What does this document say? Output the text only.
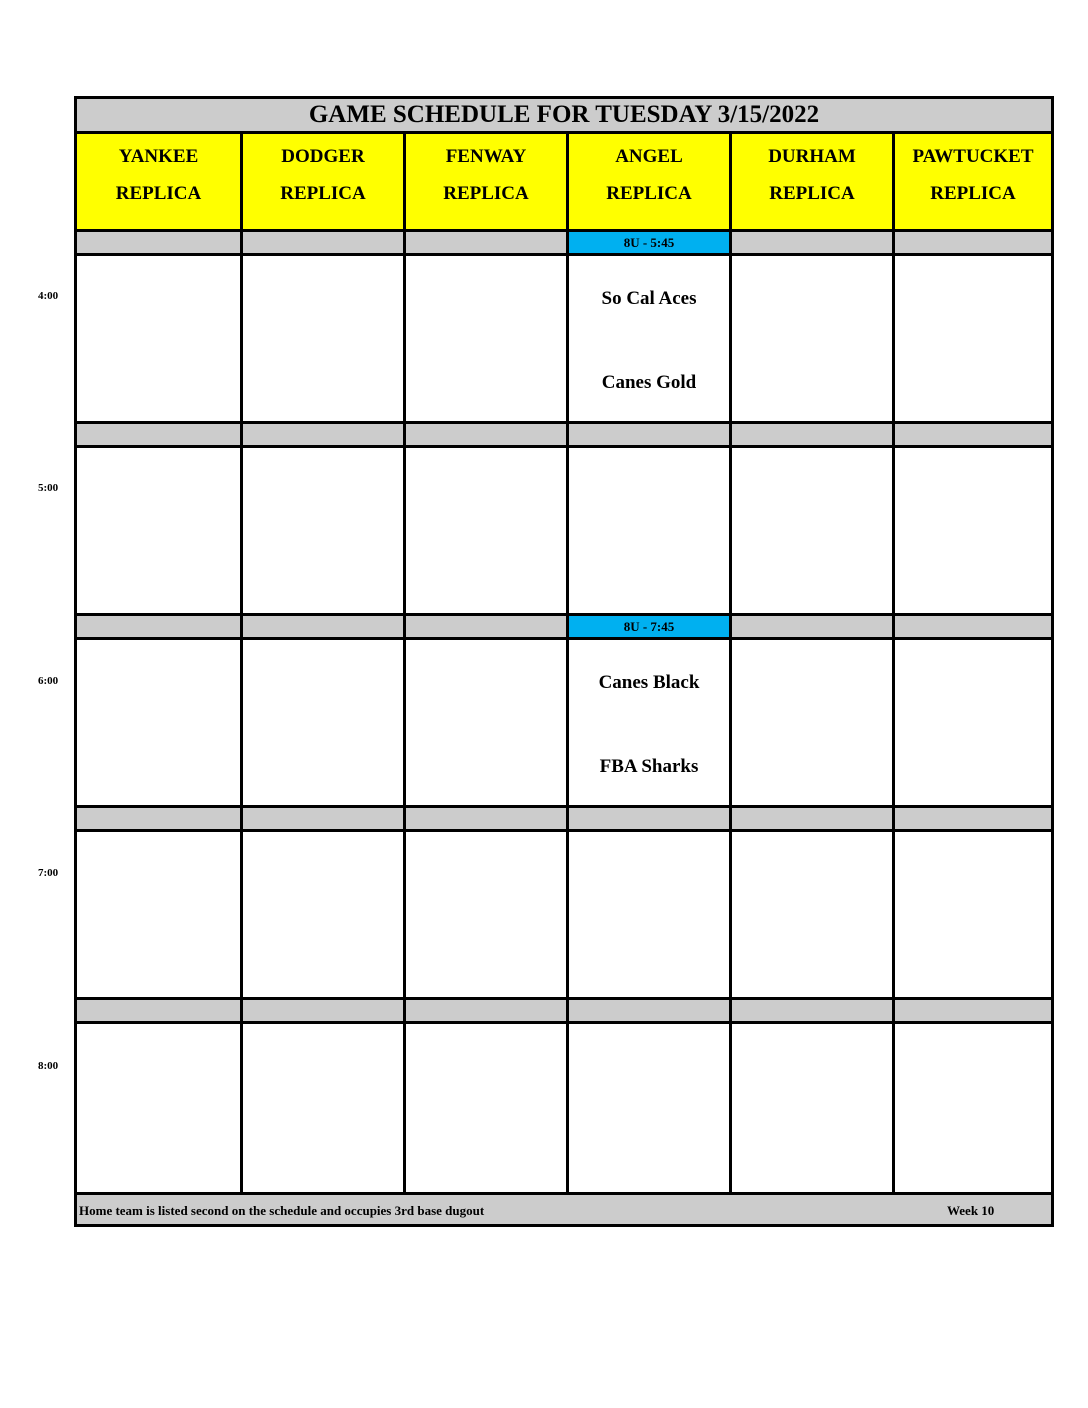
GAME SCHEDULE FOR TUESDAY 3/15/2022
YANKEE
REPLICA
DODGER
REPLICA
FENWAY
REPLICA
ANGEL
REPLICA
8U - 5:45
So Cal Aces
Canes Gold
8U - 7:45
Canes Black
FBA Sharks
DURHAM
REPLICA
PAWTUCKET
REPLICA
Home team is listed second on the schedule and occupies 3rd base dugout	Week 10
4:00
5:00
6:00
7:00
8:00
